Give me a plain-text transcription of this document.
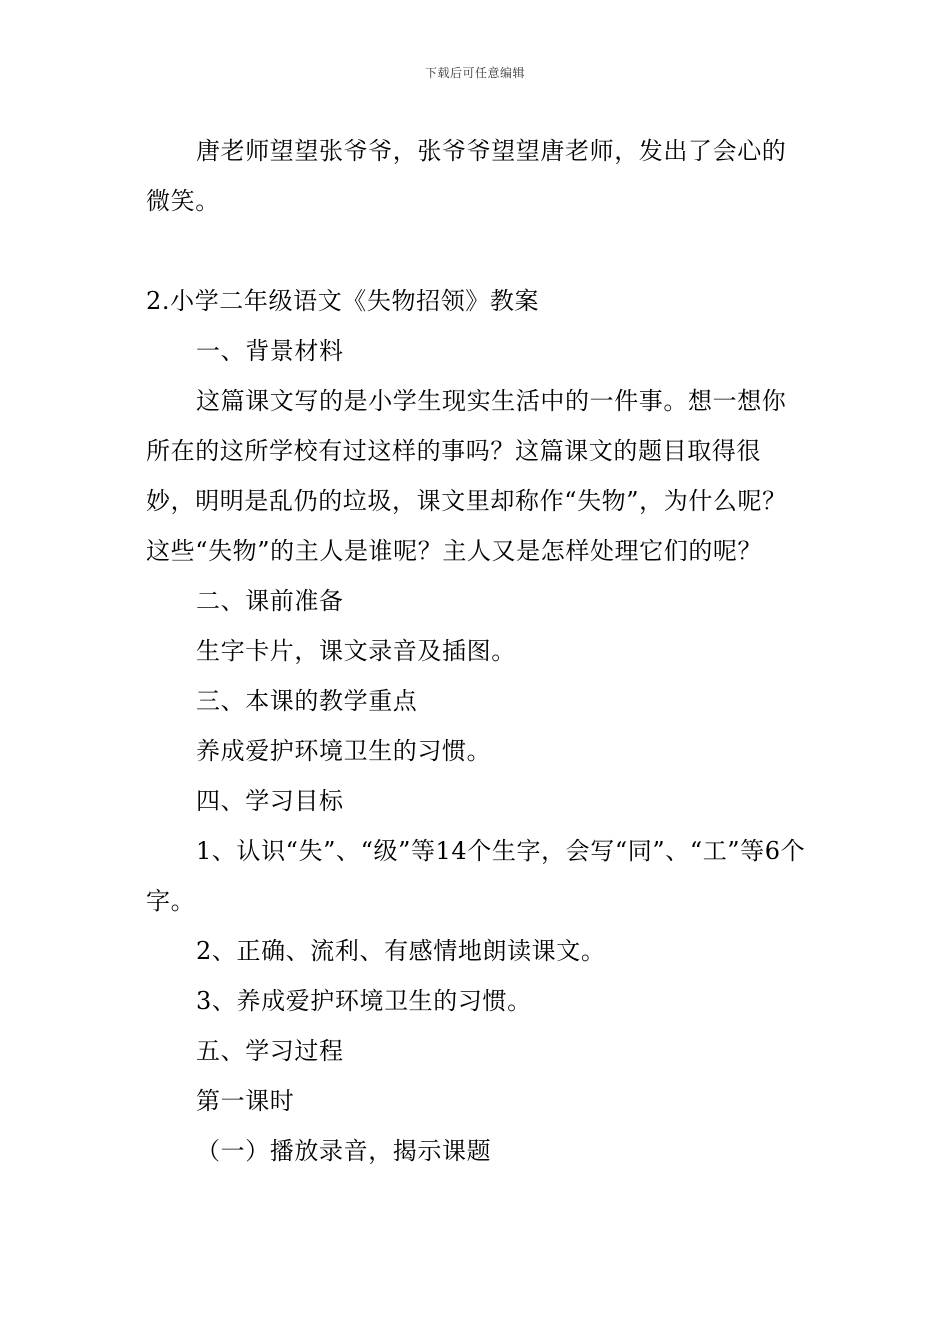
下载后可任意编辑

唐老师望望张爷爷，张爷爷望望唐老师，发出了会心的微笑。

2.小学二年级语文《失物招领》教案

一、背景材料

这篇课文写的是小学生现实生活中的一件事。想一想你所在的这所学校有过这样的事吗？这篇课文的题目取得很妙，明明是乱仍的垃圾，课文里却称作“失物”，为什么呢？这些“失物”的主人是谁呢？主人又是怎样处理它们的呢？

二、课前准备

生字卡片，课文录音及插图。

三、本课的教学重点

养成爱护环境卫生的习惯。

四、学习目标

1、认识“失”、“级”等14个生字，会写“同”、“工”等6个字。

2、正确、流利、有感情地朗读课文。

3、养成爱护环境卫生的习惯。

五、学习过程

第一课时

（一）播放录音，揭示课题
